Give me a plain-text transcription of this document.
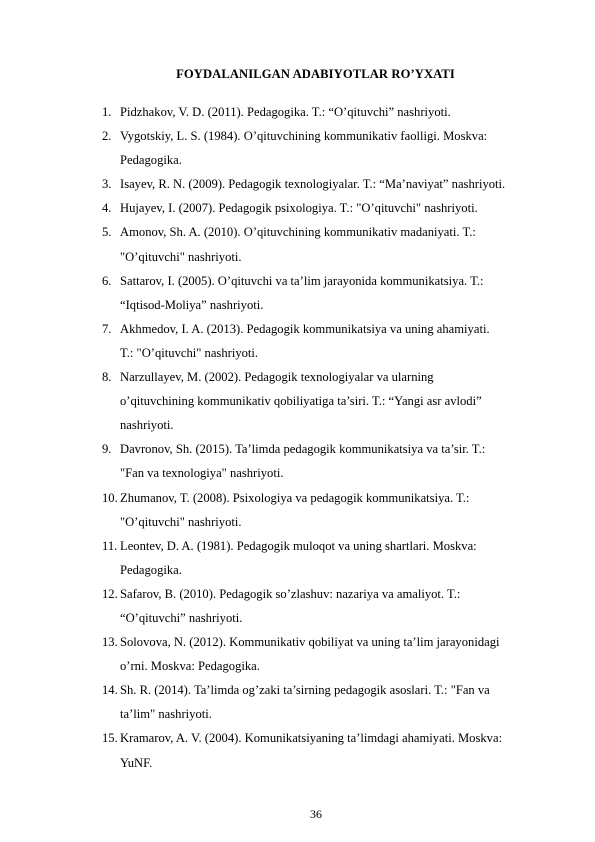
FOYDALANILGAN ADABIYOTLAR RO’YXATI
1. Pidzhakov, V. D. (2011). Pedagogika. T.: “O’qituvchi” nashriyoti.
2. Vygotskiy, L. S. (1984). O’qituvchining kommunikativ faolligi. Moskva:
Pedagogika.
3. Isayev, R. N. (2009). Pedagogik texnologiyalar. T.: “Ma’naviyat” nashriyoti.
4. Hujayev, I. (2007). Pedagogik psixologiya. T.: "O’qituvchi" nashriyoti.
5. Amonov, Sh. A. (2010). O’qituvchining kommunikativ madaniyati. T.:
"O’qituvchi" nashriyoti.
6. Sattarov, I. (2005). O’qituvchi va ta’lim jarayonida kommunikatsiya. T.:
“Iqtisod-Moliya” nashriyoti.
7. Akhmedov, I. A. (2013). Pedagogik kommunikatsiya va uning ahamiyati.
T.: "O’qituvchi" nashriyoti.
8. Narzullayev, M. (2002). Pedagogik texnologiyalar va ularning
o’qituvchining kommunikativ qobiliyatiga ta’siri. T.: “Yangi asr avlodi”
nashriyoti.
9. Davronov, Sh. (2015). Ta’limda pedagogik kommunikatsiya va ta’sir. T.:
"Fan va texnologiya" nashriyoti.
10. Zhumanov, T. (2008). Psixologiya va pedagogik kommunikatsiya. T.:
"O’qituvchi" nashriyoti.
11. Leontev, D. A. (1981). Pedagogik muloqot va uning shartlari. Moskva:
Pedagogika.
12. Safarov, B. (2010). Pedagogik so’zlashuv: nazariya va amaliyot. T.:
“O’qituvchi” nashriyoti.
13. Solovova, N. (2012). Kommunikativ qobiliyat va uning ta’lim jarayonidagi
o’rni. Moskva: Pedagogika.
14. Sh. R. (2014). Ta’limda og’zaki ta’sirning pedagogik asoslari. T.: "Fan va
ta’lim" nashriyoti.
15. Kramarov, A. V. (2004). Komunikatsiyaning ta’limdagi ahamiyati. Moskva:
YuNF.
36
